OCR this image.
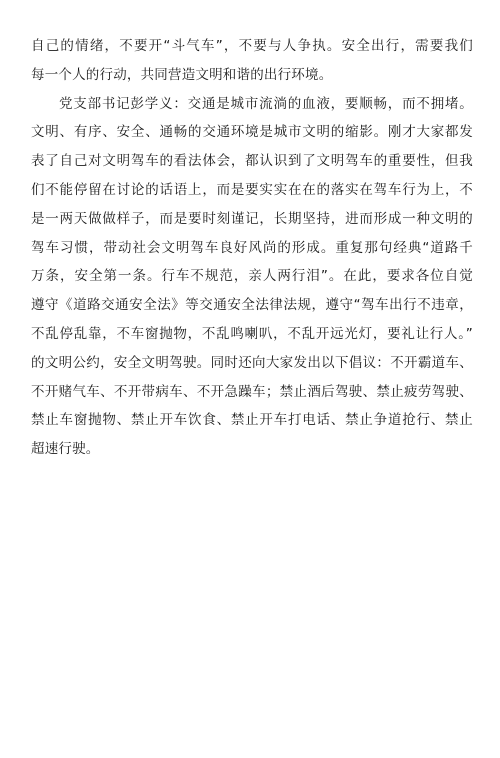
自己的情绪，不要开“斗气车”，不要与人争执。安全出行，需要我们
每一个人的行动，共同营造文明和谐的出行环境。
党支部书记彭学义：交通是城市流淌的血液，要顺畅，而不拥堵。
文明、有序、安全、通畅的交通环境是城市文明的缩影。刚才大家都发
表了自己对文明驾车的看法体会，都认识到了文明驾车的重要性，但我
们不能停留在讨论的话语上，而是要实实在在的落实在驾车行为上，不
是一两天做做样子，而是要时刻谨记，长期坚持，进而形成一种文明的
驾车习惯，带动社会文明驾车良好风尚的形成。重复那句经典“道路千
万条，安全第一条。行车不规范，亲人两行泪”。在此，要求各位自觉
遵守《道路交通安全法》等交通安全法律法规，遵守“驾车出行不违章，
不乱停乱靠，不车窗抛物，不乱鸣喇叭，不乱开远光灯，要礼让行人。”
的文明公约，安全文明驾驶。同时还向大家发出以下倡议：不开霸道车、
不开赌气车、不开带病车、不开急躁车；禁止酒后驾驶、禁止疲劳驾驶、
禁止车窗抛物、禁止开车饮食、禁止开车打电话、禁止争道抢行、禁止
超速行驶。
